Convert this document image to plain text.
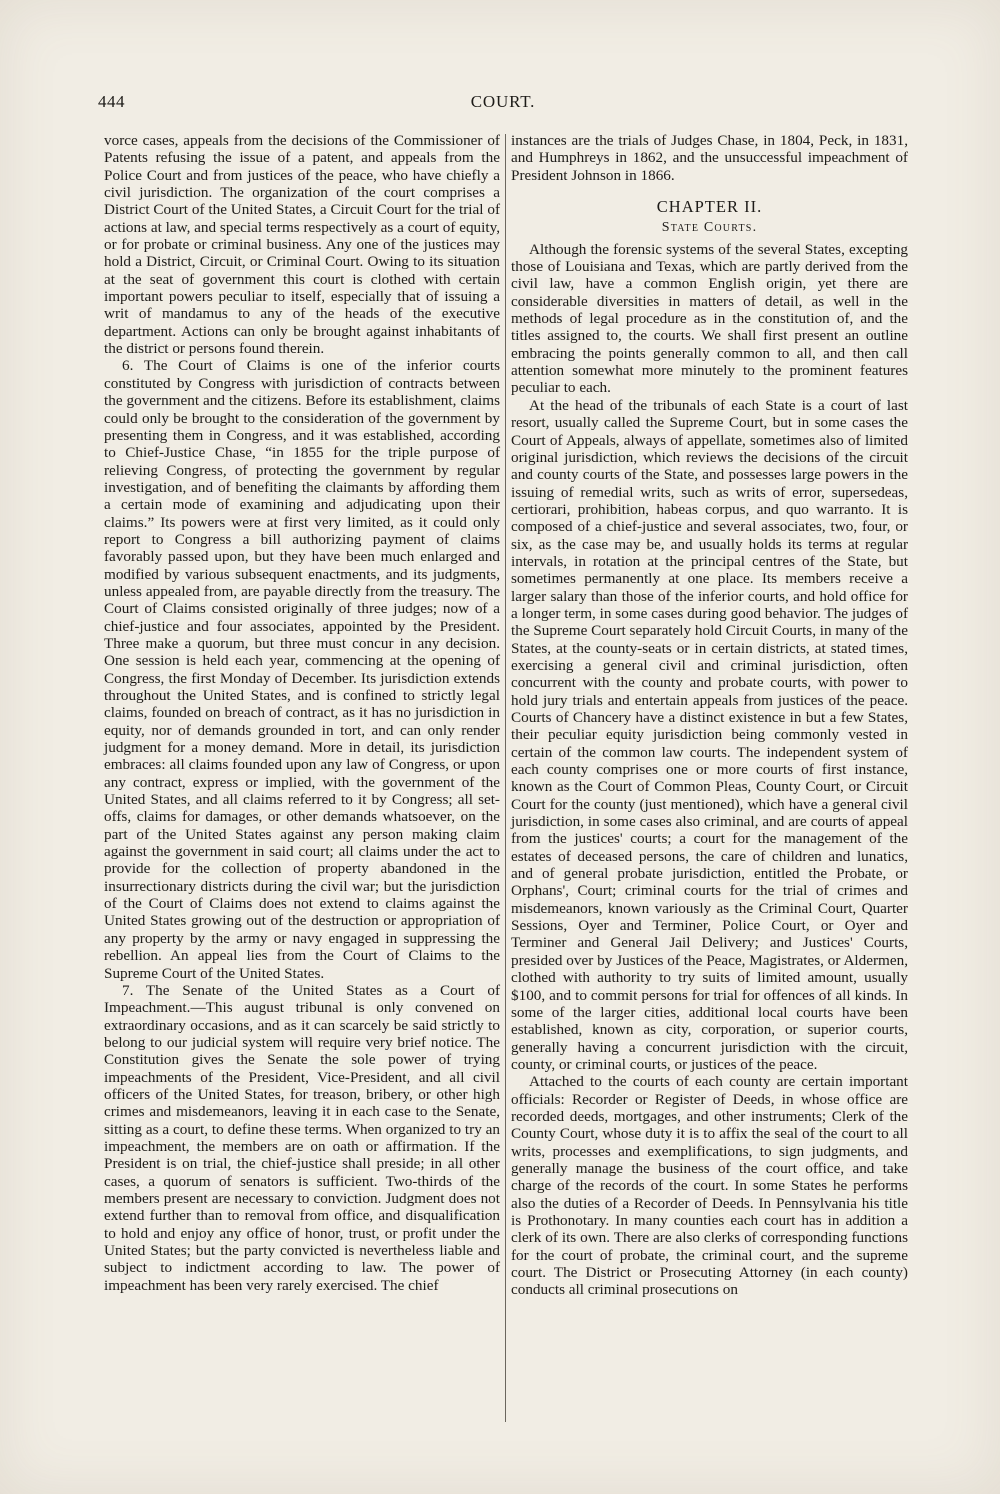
444	COURT.

vorce cases, appeals from the decisions of the Commissioner of Patents refusing the issue of a patent, and appeals from the Police Court and from justices of the peace, who have chiefly a civil jurisdiction. The organization of the court comprises a District Court of the United States, a Circuit Court for the trial of actions at law, and special terms respectively as a court of equity, or for probate or criminal business. Any one of the justices may hold a District, Circuit, or Criminal Court. Owing to its situation at the seat of government this court is clothed with certain important powers peculiar to itself, especially that of issuing a writ of mandamus to any of the heads of the executive department. Actions can only be brought against inhabitants of the district or persons found therein.

6. The Court of Claims is one of the inferior courts constituted by Congress with jurisdiction of contracts between the government and the citizens. Before its establishment, claims could only be brought to the consideration of the government by presenting them in Congress, and it was established, according to Chief-Justice Chase, “in 1855 for the triple purpose of relieving Congress, of protecting the government by regular investigation, and of benefiting the claimants by affording them a certain mode of examining and adjudicating upon their claims.” Its powers were at first very limited, as it could only report to Congress a bill authorizing payment of claims favorably passed upon, but they have been much enlarged and modified by various subsequent enactments, and its judgments, unless appealed from, are payable directly from the treasury. The Court of Claims consisted originally of three judges; now of a chief-justice and four associates, appointed by the President. Three make a quorum, but three must concur in any decision. One session is held each year, commencing at the opening of Congress, the first Monday of December. Its jurisdiction extends throughout the United States, and is confined to strictly legal claims, founded on breach of contract, as it has no jurisdiction in equity, nor of demands grounded in tort, and can only render judgment for a money demand. More in detail, its jurisdiction embraces: all claims founded upon any law of Congress, or upon any contract, express or implied, with the government of the United States, and all claims referred to it by Congress; all set-offs, claims for damages, or other demands whatsoever, on the part of the United States against any person making claim against the government in said court; all claims under the act to provide for the collection of property abandoned in the insurrectionary districts during the civil war; but the jurisdiction of the Court of Claims does not extend to claims against the United States growing out of the destruction or appropriation of any property by the army or navy engaged in suppressing the rebellion. An appeal lies from the Court of Claims to the Supreme Court of the United States.

7. The Senate of the United States as a Court of Impeachment.—This august tribunal is only convened on extraordinary occasions, and as it can scarcely be said strictly to belong to our judicial system will require very brief notice. The Constitution gives the Senate the sole power of trying impeachments of the President, Vice-President, and all civil officers of the United States, for treason, bribery, or other high crimes and misdemeanors, leaving it in each case to the Senate, sitting as a court, to define these terms. When organized to try an impeachment, the members are on oath or affirmation. If the President is on trial, the chief-justice shall preside; in all other cases, a quorum of senators is sufficient. Two-thirds of the members present are necessary to conviction. Judgment does not extend further than to removal from office, and disqualification to hold and enjoy any office of honor, trust, or profit under the United States; but the party convicted is nevertheless liable and subject to indictment according to law. The power of impeachment has been very rarely exercised. The chief

instances are the trials of Judges Chase, in 1804, Peck, in 1831, and Humphreys in 1862, and the unsuccessful impeachment of President Johnson in 1866.

CHAPTER II.
State Courts.

Although the forensic systems of the several States, excepting those of Louisiana and Texas, which are partly derived from the civil law, have a common English origin, yet there are considerable diversities in matters of detail, as well in the methods of legal procedure as in the constitution of, and the titles assigned to, the courts. We shall first present an outline embracing the points generally common to all, and then call attention somewhat more minutely to the prominent features peculiar to each.

At the head of the tribunals of each State is a court of last resort, usually called the Supreme Court, but in some cases the Court of Appeals, always of appellate, sometimes also of limited original jurisdiction, which reviews the decisions of the circuit and county courts of the State, and possesses large powers in the issuing of remedial writs, such as writs of error, supersedeas, certiorari, prohibition, habeas corpus, and quo warranto. It is composed of a chief-justice and several associates, two, four, or six, as the case may be, and usually holds its terms at regular intervals, in rotation at the principal centres of the State, but sometimes permanently at one place. Its members receive a larger salary than those of the inferior courts, and hold office for a longer term, in some cases during good behavior. The judges of the Supreme Court separately hold Circuit Courts, in many of the States, at the county-seats or in certain districts, at stated times, exercising a general civil and criminal jurisdiction, often concurrent with the county and probate courts, with power to hold jury trials and entertain appeals from justices of the peace. Courts of Chancery have a distinct existence in but a few States, their peculiar equity jurisdiction being commonly vested in certain of the common law courts. The independent system of each county comprises one or more courts of first instance, known as the Court of Common Pleas, County Court, or Circuit Court for the county (just mentioned), which have a general civil jurisdiction, in some cases also criminal, and are courts of appeal from the justices' courts; a court for the management of the estates of deceased persons, the care of children and lunatics, and of general probate jurisdiction, entitled the Probate, or Orphans', Court; criminal courts for the trial of crimes and misdemeanors, known variously as the Criminal Court, Quarter Sessions, Oyer and Terminer, Police Court, or Oyer and Terminer and General Jail Delivery; and Justices' Courts, presided over by Justices of the Peace, Magistrates, or Aldermen, clothed with authority to try suits of limited amount, usually $100, and to commit persons for trial for offences of all kinds. In some of the larger cities, additional local courts have been established, known as city, corporation, or superior courts, generally having a concurrent jurisdiction with the circuit, county, or criminal courts, or justices of the peace.

Attached to the courts of each county are certain important officials: Recorder or Register of Deeds, in whose office are recorded deeds, mortgages, and other instruments; Clerk of the County Court, whose duty it is to affix the seal of the court to all writs, processes and exemplifications, to sign judgments, and generally manage the business of the court office, and take charge of the records of the court. In some States he performs also the duties of a Recorder of Deeds. In Pennsylvania his title is Prothonotary. In many counties each court has in addition a clerk of its own. There are also clerks of corresponding functions for the court of probate, the criminal court, and the supreme court. The District or Prosecuting Attorney (in each county) conducts all criminal prosecutions on
